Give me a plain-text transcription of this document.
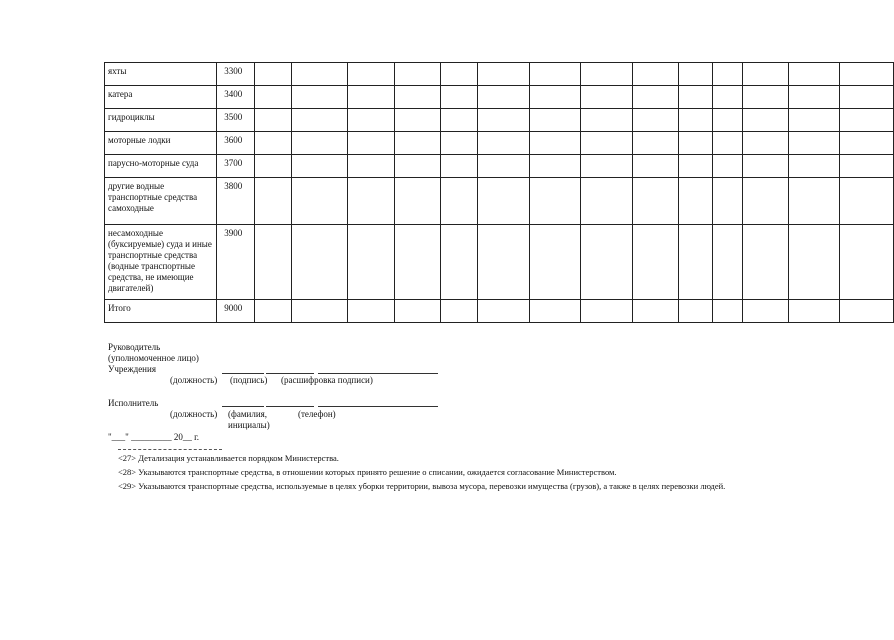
яхты	3300														
катера	3400														
гидроциклы	3500														
моторные лодки	3600														
парусно-моторные суда	3700														
другие водные транспортные средства самоходные	3800														
несамоходные (буксируемые) суда и иные транспортные средства (водные транспортные средства, не имеющие двигателей)	3900														
Итого	9000														
Руководитель
(уполномоченное лицо)
Учреждения
(должность) (подпись) (расшифровка подписи)
Исполнитель
(должность) (фамилия,
инициалы)
(телефон)
"___" _________ 20__ г.

<27> Детализация устанавливается порядком Министерства.

<28> Указываются транспортные средства, в отношении которых принято решение о списании, ожидается согласование Министерством.

<29> Указываются транспортные средства, используемые в целях уборки территории, вывоза мусора, перевозки имущества (грузов), а также в целях перевозки людей.
